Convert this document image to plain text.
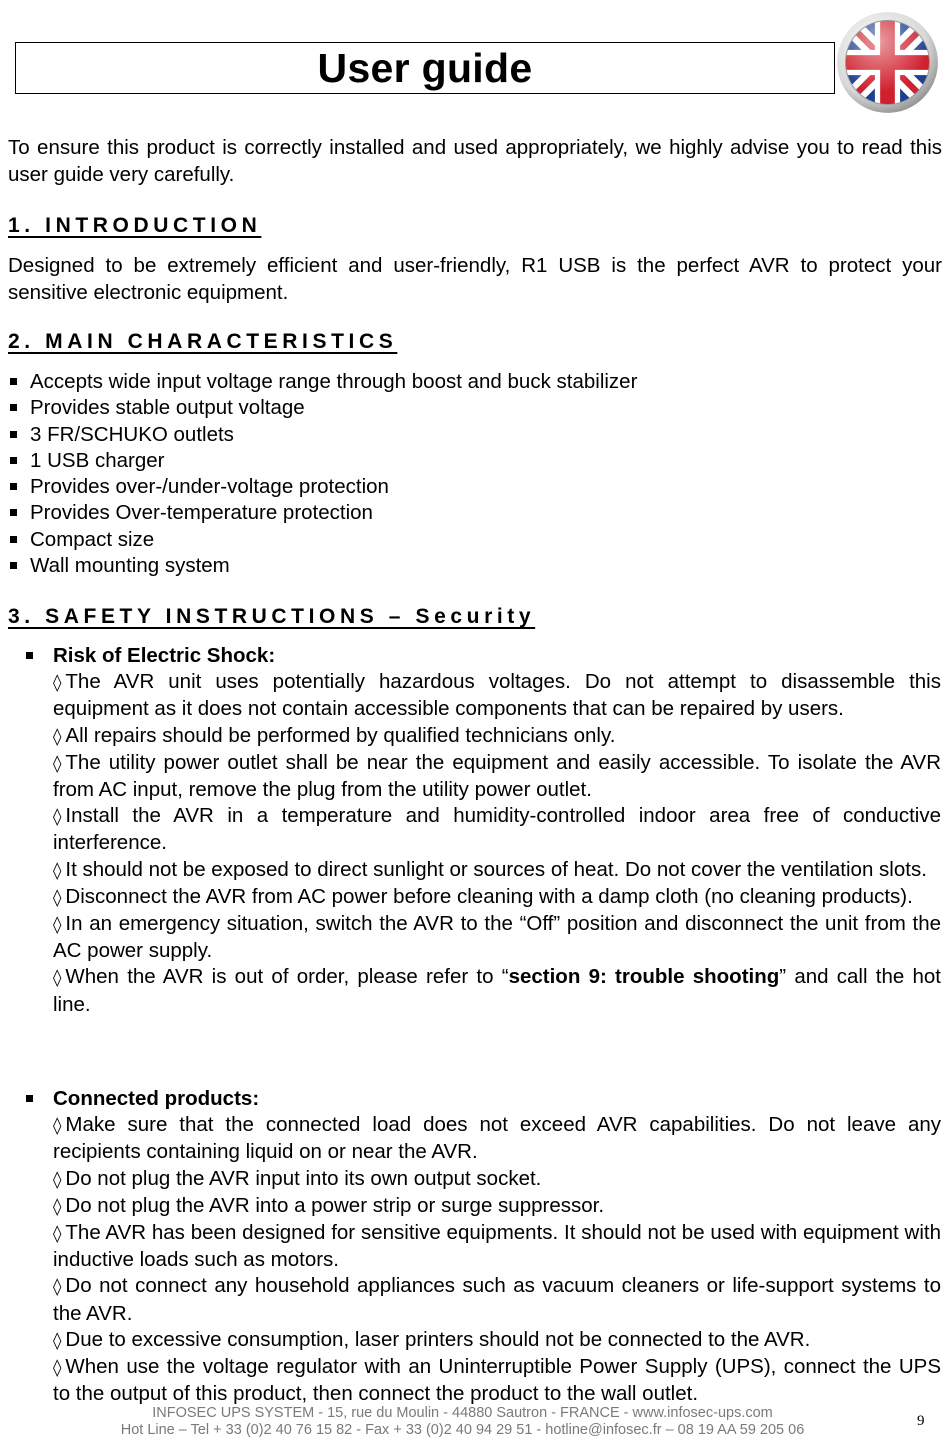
User guide

To ensure this product is correctly installed and used appropriately, we highly advise you to read this user guide very carefully.

1. INTRODUCTION

Designed to be extremely efficient and user-friendly, R1 USB is the perfect AVR to protect your sensitive electronic equipment.

2. MAIN CHARACTERISTICS
Accepts wide input voltage range through boost and buck stabilizer
Provides stable output voltage
3 FR/SCHUKO outlets
1 USB charger
Provides over-/under-voltage protection
Provides Over-temperature protection
Compact size
Wall mounting system
3. SAFETY INSTRUCTIONS – Security
Risk of Electric Shock:

◊ The AVR unit uses potentially hazardous voltages. Do not attempt to disassemble this equipment as it does not contain accessible components that can be repaired by users.

◊ All repairs should be performed by qualified technicians only.

◊ The utility power outlet shall be near the equipment and easily accessible. To isolate the AVR from AC input, remove the plug from the utility power outlet.

◊ Install the AVR in a temperature and humidity-controlled indoor area free of conductive interference.

◊ It should not be exposed to direct sunlight or sources of heat. Do not cover the ventilation slots.

◊ Disconnect the AVR from AC power before cleaning with a damp cloth (no cleaning products).

◊ In an emergency situation, switch the AVR to the “Off” position and disconnect the unit from the AC power supply.

◊ When the AVR is out of order, please refer to “section 9: trouble shooting” and call the hot line.

Connected products:

◊ Make sure that the connected load does not exceed AVR capabilities. Do not leave any recipients containing liquid on or near the AVR.

◊ Do not plug the AVR input into its own output socket.

◊ Do not plug the AVR into a power strip or surge suppressor.

◊ The AVR has been designed for sensitive equipments. It should not be used with equipment with inductive loads such as motors.

◊ Do not connect any household appliances such as vacuum cleaners or life-support systems to the AVR.

◊ Due to excessive consumption, laser printers should not be connected to the AVR.

◊ When use the voltage regulator with an Uninterruptible Power Supply (UPS), connect the UPS to the output of this product, then connect the product to the wall outlet.

INFOSEC UPS SYSTEM - 15, rue du Moulin - 44880 Sautron - FRANCE - www.infosec-ups.com
Hot Line – Tel + 33 (0)2 40 76 15 82 - Fax + 33 (0)2 40 94 29 51 - hotline@infosec.fr – 08 19 AA 59 205 06
9
